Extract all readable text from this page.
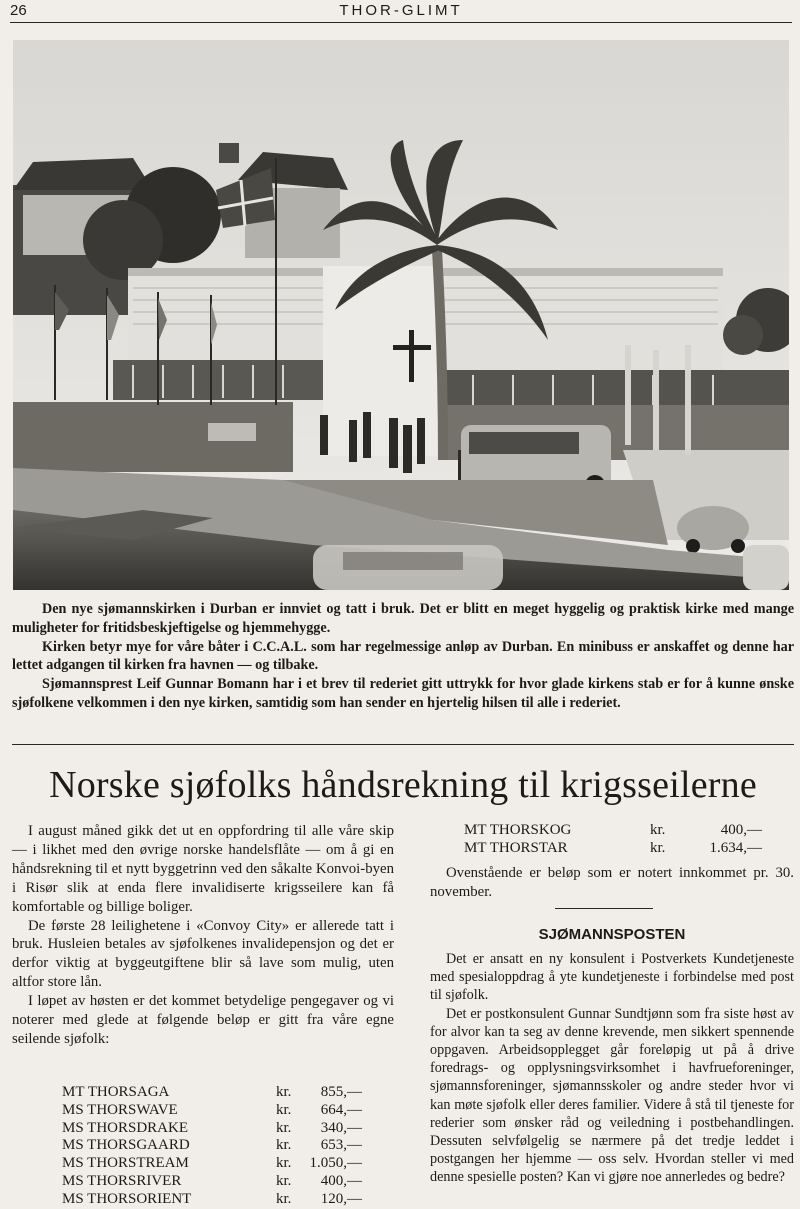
26	THOR-GLIMT

Den nye sjømannskirken i Durban er innviet og tatt i bruk. Det er blitt en meget hyggelig og praktisk kirke med mange muligheter for fritidsbeskjeftigelse og hjemmehygge.

Kirken betyr mye for våre båter i C.C.A.L. som har regelmessige anløp av Durban. En minibuss er anskaffet og denne har lettet adgangen til kirken fra havnen — og tilbake.

Sjømannsprest Leif Gunnar Bomann har i et brev til rederiet gitt uttrykk for hvor glade kirkens stab er for å kunne ønske sjøfolkene velkommen i den nye kirken, samtidig som han sender en hjertelig hilsen til alle i rederiet.

Norske sjøfolks håndsrekning til krigsseilerne

I august måned gikk det ut en oppfordring til alle våre skip — i likhet med den øvrige norske handelsflåte — om å gi en håndsrekning til et nytt byggetrinn ved den såkalte Konvoi-byen i Risør slik at enda flere invalidiserte krigsseilere kan få komfortable og billige boliger.

De første 28 leilighetene i «Convoy City» er allerede tatt i bruk. Husleien betales av sjøfolkenes invalidepensjon og det er derfor viktig at byggeutgiftene blir så lave som mulig, uten altfor store lån.

I løpet av høsten er det kommet betydelige pengegaver og vi noterer med glede at følgende beløp er gitt fra våre egne seilende sjøfolk:

MT THORSAGA	kr.	855,—
MS THORSWAVE	kr.	664,—
MS THORSDRAKE	kr.	340,—
MS THORSGAARD	kr.	653,—
MS THORSTREAM	kr.	1.050,—
MS THORSRIVER	kr.	400,—
MS THORSORIENT	kr.	120,—
MT THORSKOG	kr.	400,—
MT THORSTAR	kr.	1.634,—

Ovenstående er beløp som er notert innkommet pr. 30. november.

SJØMANNSPOSTEN

Det er ansatt en ny konsulent i Postverkets Kundetjeneste med spesialoppdrag å yte kundetjeneste i forbindelse med post til sjøfolk.

Det er postkonsulent Gunnar Sundtjønn som fra siste høst av for alvor kan ta seg av denne krevende, men sikkert spennende oppgaven. Arbeidsopplegget går foreløpig ut på å drive foredrags- og opplysningsvirksomhet i havfrueforeninger, sjømannsforeninger, sjømannsskoler og andre steder hvor vi kan møte sjøfolk eller deres familier. Videre å stå til tjeneste for rederier som ønsker råd og veiledning i postbehandlingen. Dessuten selvfølgelig se nærmere på det tredje leddet i postgangen her hjemme — oss selv. Hvordan steller vi med denne spesielle posten? Kan vi gjøre noe annerledes og bedre?
